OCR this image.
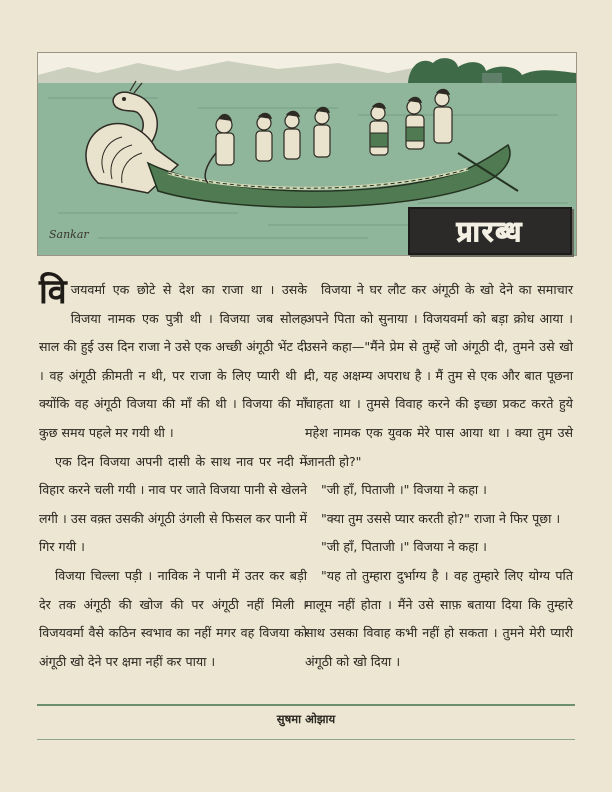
Sankar	प्रारब्ध

विजयवर्मा एक छोटे से देश का राजा था । उसके विजया नामक एक पुत्री थी । विजया जब सोलह साल की हुई उस दिन राजा ने उसे एक अच्छी अंगूठी भेंट दी । वह अंगूठी क़ीमती न थी, पर राजा के लिए प्यारी थी । क्योंकि वह अंगूठी विजया की माँ की थी । विजया की माँ कुछ समय पहले मर गयी थी ।

एक दिन विजया अपनी दासी के साथ नाव पर नदी में विहार करने चली गयी । नाव पर जाते विजया पानी से खेलने लगी । उस वक़्त उसकी अंगूठी उंगली से फिसल कर पानी में गिर गयी ।

विजया चिल्ला पड़ी । नाविक ने पानी में उतर कर बड़ी देर तक अंगूठी की खोज की पर अंगूठी नहीं मिली । विजयवर्मा वैसे कठिन स्वभाव का नहीं मगर वह विजया को अंगूठी खो देने पर क्षमा नहीं कर पाया ।

विजया ने घर लौट कर अंगूठी के खो देने का समाचार अपने पिता को सुनाया । विजयवर्मा को बड़ा क्रोध आया । उसने कहा—"मैंने प्रेम से तुम्हें जो अंगूठी दी, तुमने उसे खो दी, यह अक्षम्य अपराध है । मैं तुम से एक और बात पूछना चाहता था । तुमसे विवाह करने की इच्छा प्रकट करते हुये महेश नामक एक युवक मेरे पास आया था । क्या तुम उसे जानती हो?"

"जी हाँ, पिताजी ।" विजया ने कहा ।

"क्या तुम उससे प्यार करती हो?" राजा ने फिर पूछा ।

"जी हाँ, पिताजी ।" विजया ने कहा ।

"यह तो तुम्हारा दुर्भाग्य है । वह तुम्हारे लिए योग्य पति मालूम नहीं होता । मैंने उसे साफ़ बताया दिया कि तुम्हारे साथ उसका विवाह कभी नहीं हो सकता । तुमने मेरी प्यारी अंगूठी को खो दिया ।

सुषमा ओझाय
